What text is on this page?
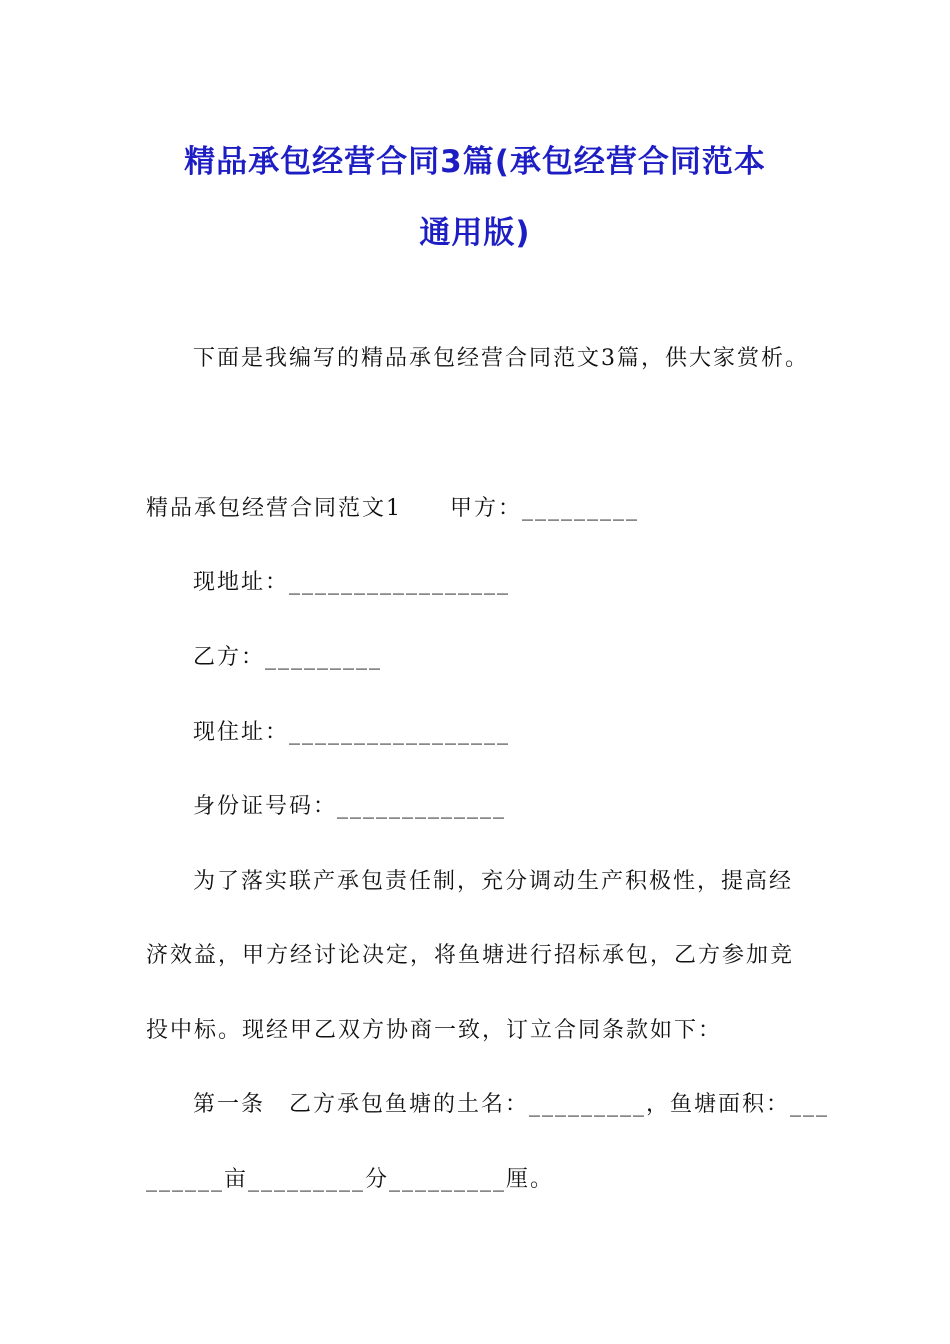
精品承包经营合同3篇(承包经营合同范本
通用版)
下面是我编写的精品承包经营合同范文3篇，供大家赏析。
精品承包经营合同范文1　　甲方：_________
现地址：_________________
乙方：_________
现住址：_________________
身份证号码：_____________
为了落实联产承包责任制，充分调动生产积极性，提高经
济效益，甲方经讨论决定，将鱼塘进行招标承包，乙方参加竞
投中标。现经甲乙双方协商一致，订立合同条款如下：
第一条　乙方承包鱼塘的土名：_________，鱼塘面积：___
______亩_________分_________厘。
